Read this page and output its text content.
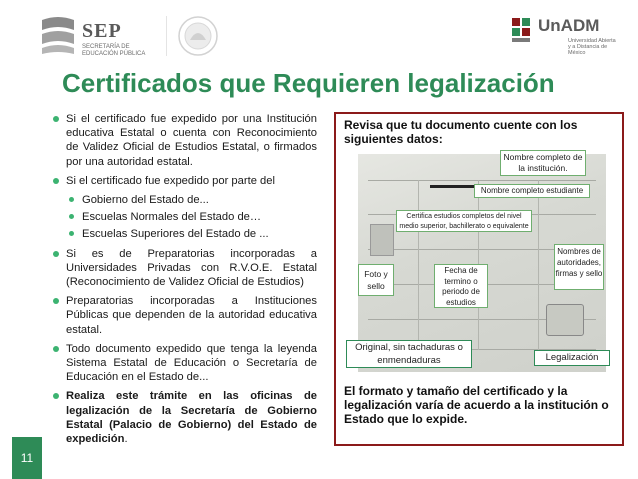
SEP
SECRETARÍA DE EDUCACIÓN PÚBLICA
UnADM
Universidad Abierta y a Distancia de México
Certificados que Requieren legalización
Si el certificado fue expedido por una Institución educativa Estatal o cuenta con Reconocimiento de Validez Oficial de Estudios Estatal, o firmados por una autoridad estatal.
Si el certificado fue expedido por parte del
Gobierno del Estado de...
Escuelas Normales del Estado de…
Escuelas Superiores del Estado de ...
Si es de Preparatorias incorporadas a Universidades Privadas con R.V.O.E. Estatal (Reconocimiento de Validez Oficial de Estudios)
Preparatorias incorporadas a Instituciones Públicas que dependen de la autoridad educativa estatal.
Todo documento expedido que tenga la leyenda Sistema Estatal de Educación o Secretaría de Educación en el Estado de...
Realiza este trámite en las oficinas de legalización de la Secretaría de Gobierno Estatal (Palacio de Gobierno) del Estado de expedición.
11
Revisa que tu documento cuente con los siguientes datos:
Nombre completo de la institución.
Nombre completo estudiante
Certifica estudios completos del nivel medio superior, bachillerato o equivalente
Nombres de autoridades, firmas y sello
Foto y sello
Fecha de termino o periodo de estudios
Original, sin tachaduras o enmendaduras	Legalización
El formato y tamaño del certificado y la legalización varía de acuerdo a la institución o Estado que lo expide.
